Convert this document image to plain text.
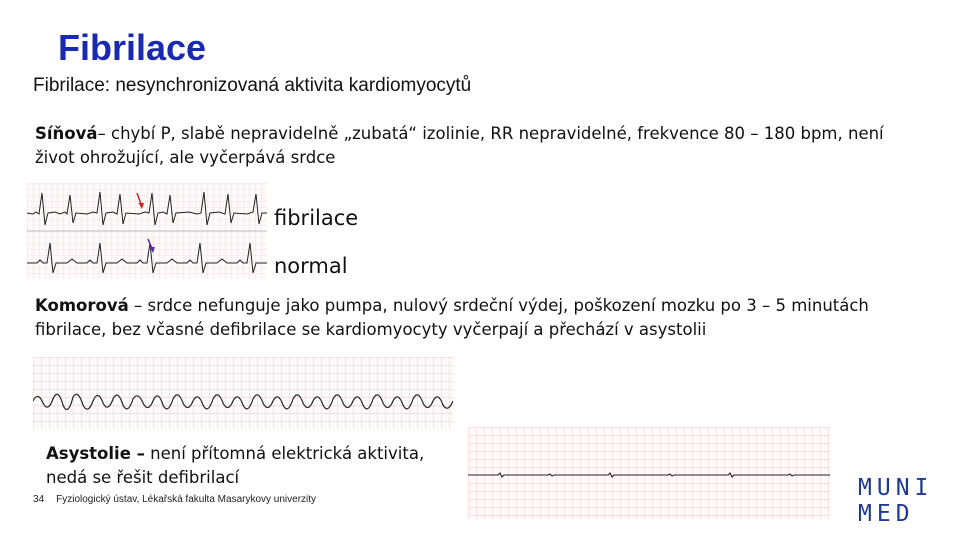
Fibrilace
Fibrilace: nesynchronizovaná aktivita kardiomyocytů
Síňová– chybí P, slabě nepravidelně „zubatá“ izolinie, RR nepravidelné, frekvence 80 – 180 bpm, není život ohrožující, ale vyčerpává srdce
fibrilace
normal
Komorová – srdce nefunguje jako pumpa, nulový srdeční výdej, poškození mozku po 3 – 5 minutách fibrilace, bez včasné defibrilace se kardiomyocyty vyčerpají a přechází v asystolii
Asystolie – není přítomná elektrická aktivita, nedá se řešit defibrilací
34 Fyziologický ústav, Lékařská fakulta Masarykovy univerzity	MUNI
MED
